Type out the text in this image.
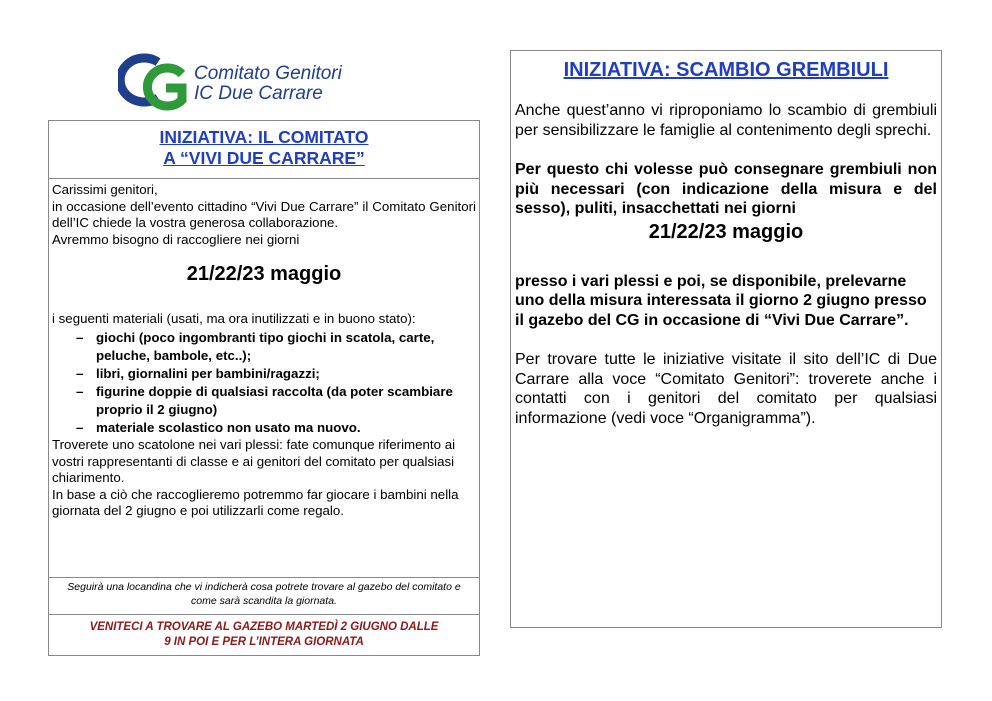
Comitato Genitori
IC Due Carrare
INIZIATIVA: IL COMITATO
A “VIVI DUE CARRARE”

Carissimi genitori,

in occasione dell’evento cittadino “Vivi Due Carrare” il Comitato Genitori dell’IC chiede la vostra generosa collaborazione.

Avremmo bisogno di raccogliere nei giorni

21/22/23 maggio

i seguenti materiali (usati, ma ora inutilizzati e in buono stato):

– giochi (poco ingombranti tipo giochi in scatola, carte, peluche, bambole, etc..);
– libri, giornalini per bambini/ragazzi;
– figurine doppie di qualsiasi raccolta (da poter scambiare proprio il 2 giugno)
– materiale scolastico non usato ma nuovo.

Troverete uno scatolone nei vari plessi: fate comunque riferimento ai vostri rappresentanti di classe e ai genitori del comitato per qualsiasi chiarimento.

In base a ciò che raccoglieremo potremmo far giocare i bambini nella giornata del 2 giugno e poi utilizzarli come regalo.

Seguirà una locandina che vi indicherà cosa potrete trovare al gazebo del comitato e come sarà scandita la giornata.
VENITECI A TROVARE AL GAZEBO MARTEDÌ 2 GIUGNO DALLE
9 IN POI E PER L’INTERA GIORNATA
INIZIATIVA: SCAMBIO GREMBIULI

Anche quest’anno vi riproponiamo lo scambio di grembiuli per sensibilizzare le famiglie al contenimento degli sprechi.

Per questo chi volesse può consegnare grembiuli non più necessari (con indicazione della misura e del sesso), puliti, insacchettati nei giorni

21/22/23 maggio

presso i vari plessi e poi, se disponibile, prelevarne uno della misura interessata il giorno 2 giugno presso il gazebo del CG in occasione di “Vivi Due Carrare”.

Per trovare tutte le iniziative visitate il sito dell’IC di Due Carrare alla voce “Comitato Genitori”: troverete anche i contatti con i genitori del comitato per qualsiasi informazione (vedi voce “Organigramma”).
